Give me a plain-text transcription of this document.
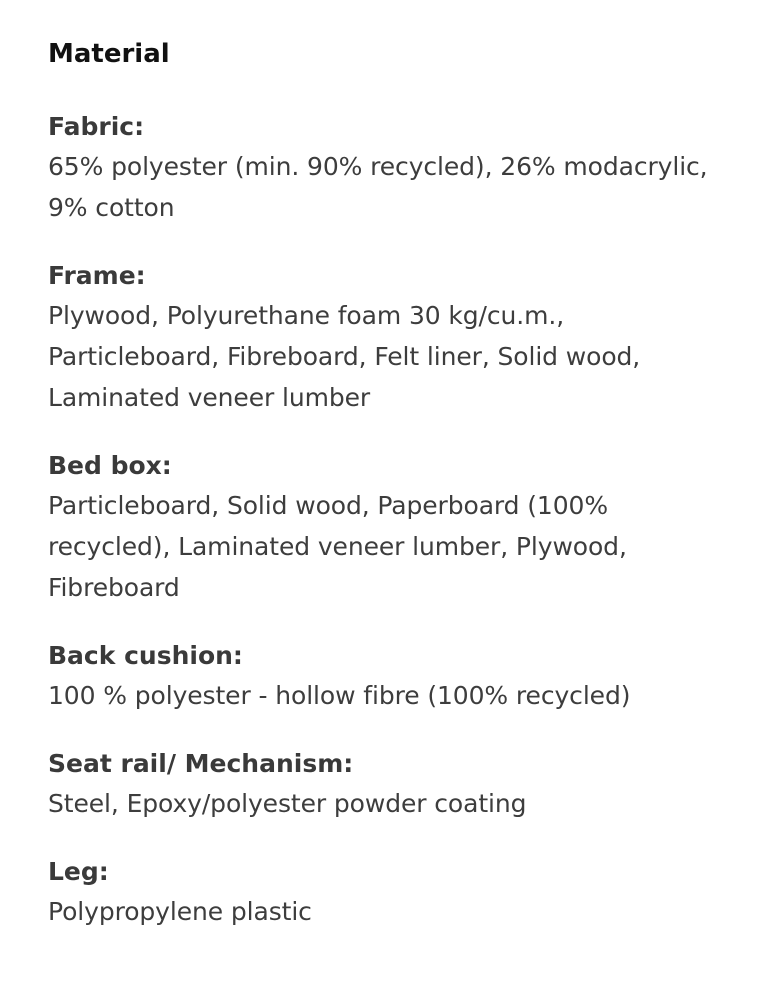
Material
Fabric:
65% polyester (min. 90% recycled), 26% modacrylic,
9% cotton
Frame:
Plywood, Polyurethane foam 30 kg/cu.m.,
Particleboard, Fibreboard, Felt liner, Solid wood,
Laminated veneer lumber
Bed box:
Particleboard, Solid wood, Paperboard (100%
recycled), Laminated veneer lumber, Plywood,
Fibreboard
Back cushion:
100 % polyester - hollow fibre (100% recycled)
Seat rail/ Mechanism:
Steel, Epoxy/polyester powder coating
Leg:
Polypropylene plastic
